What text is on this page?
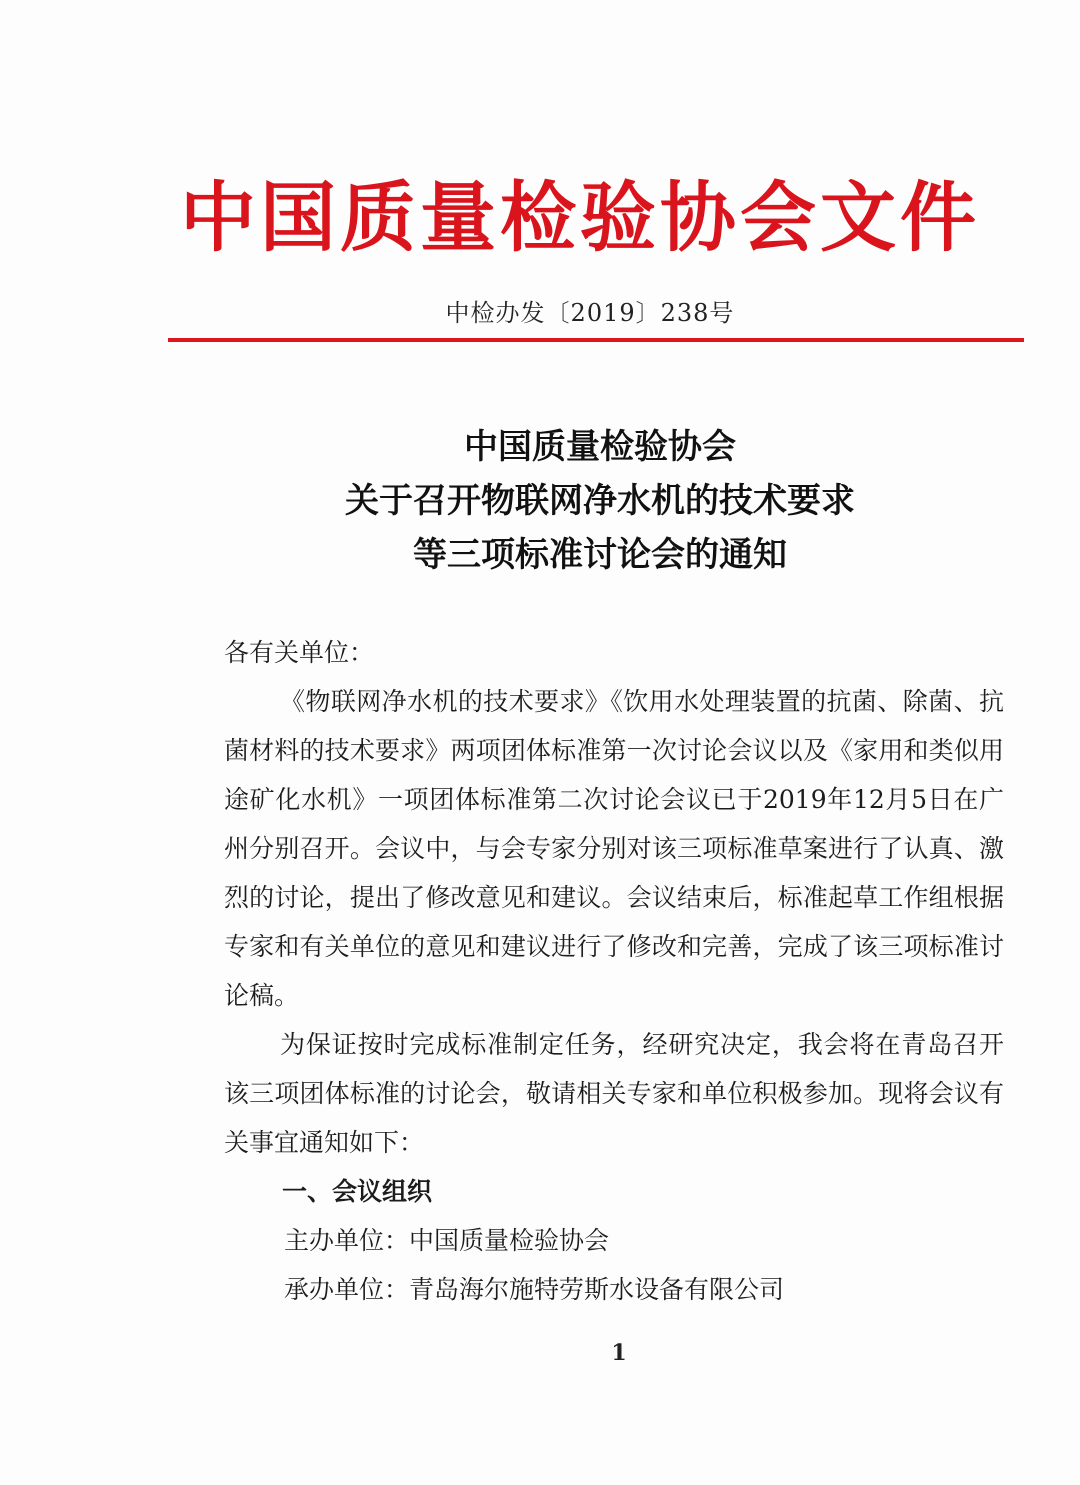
中国质量检验协会文件
中检办发〔2019〕238号
中国质量检验协会
关于召开物联网净水机的技术要求
等三项标准讨论会的通知

各有关单位：

《物联网净水机的技术要求》《饮用水处理装置的抗菌、除菌、抗菌材料的技术要求》两项团体标准第一次讨论会议以及《家用和类似用途矿化水机》一项团体标准第二次讨论会议已于2019年12月5日在广州分别召开。会议中，与会专家分别对该三项标准草案进行了认真、激烈的讨论，提出了修改意见和建议。会议结束后，标准起草工作组根据专家和有关单位的意见和建议进行了修改和完善，完成了该三项标准讨论稿。

为保证按时完成标准制定任务，经研究决定，我会将在青岛召开该三项团体标准的讨论会，敬请相关专家和单位积极参加。现将会议有关事宜通知如下：

一、会议组织

主办单位：中国质量检验协会

承办单位：青岛海尔施特劳斯水设备有限公司

1
